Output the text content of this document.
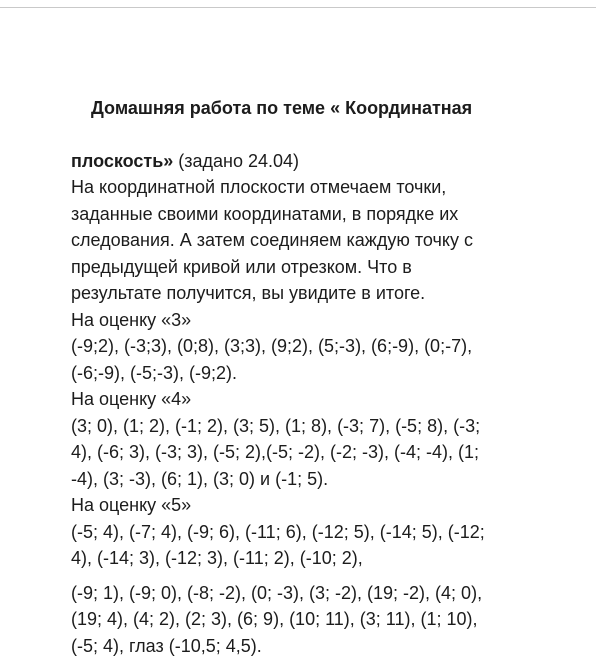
Домашняя работа по теме « Координатная

плоскость» (задано 24.04)
На координатной плоскости отмечаем точки,
заданные своими координатами, в порядке их
следования. А затем соединяем каждую точку с
предыдущей кривой или отрезком. Что в
результате получится, вы увидите в итоге.
На оценку «3»
(-9;2), (-3;3), (0;8), (3;3), (9;2), (5;-3), (6;-9), (0;-7),
(-6;-9), (-5;-3), (-9;2).
На оценку «4»
(3; 0), (1; 2), (-1; 2), (3; 5), (1; 8), (-3; 7), (-5; 8), (-3;
4), (-6; 3), (-3; 3), (-5; 2),(-5; -2), (-2; -3), (-4; -4), (1;
-4), (3; -3), (6; 1), (3; 0) и (-1; 5).
На оценку «5»
(-5; 4), (-7; 4), (-9; 6), (-11; 6), (-12; 5), (-14; 5), (-12;
4), (-14; 3), (-12; 3), (-11; 2), (-10; 2),
(-9; 1), (-9; 0), (-8; -2), (0; -3), (3; -2), (19; -2), (4; 0),
(19; 4), (4; 2), (2; 3), (6; 9), (10; 11), (3; 11), (1; 10),
(-5; 4), глаз (-10,5; 4,5).
